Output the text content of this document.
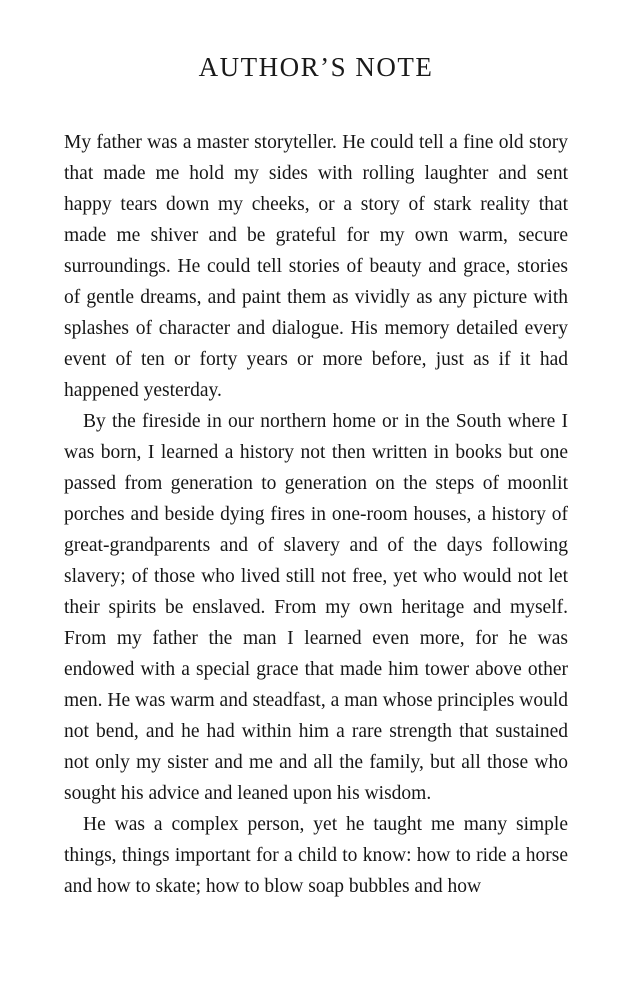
AUTHOR’S NOTE

My father was a master storyteller. He could tell a fine old story that made me hold my sides with rolling laughter and sent happy tears down my cheeks, or a story of stark reality that made me shiver and be grateful for my own warm, secure surroundings. He could tell stories of beauty and grace, stories of gentle dreams, and paint them as vividly as any picture with splashes of character and dialogue. His memory detailed every event of ten or forty years or more before, just as if it had happened yesterday.

By the fireside in our northern home or in the South where I was born, I learned a history not then written in books but one passed from generation to generation on the steps of moonlit porches and beside dying fires in one-room houses, a history of great-grandparents and of slavery and of the days following slavery; of those who lived still not free, yet who would not let their spirits be enslaved. From my own heritage and myself. From my father the man I learned even more, for he was endowed with a special grace that made him tower above other men. He was warm and steadfast, a man whose principles would not bend, and he had within him a rare strength that sustained not only my sister and me and all the family, but all those who sought his advice and leaned upon his wisdom.

He was a complex person, yet he taught me many simple things, things important for a child to know: how to ride a horse and how to skate; how to blow soap bubbles and how
